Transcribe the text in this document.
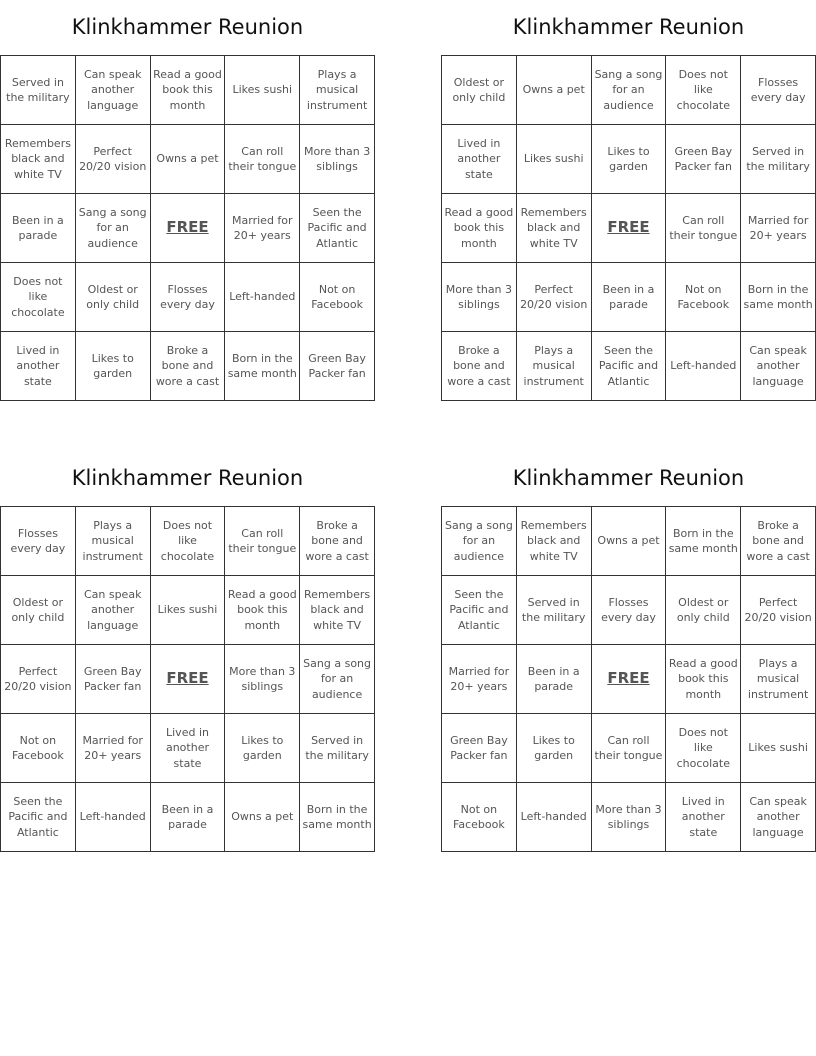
Klinkhammer Reunion
Served in the military	Can speak another language	Read a good book this month	Likes sushi	Plays a musical instrument
Remembers black and white TV	Perfect 20/20 vision	Owns a pet	Can roll their tongue	More than 3 siblings
Been in a parade	Sang a song for an audience	FREE	Married for 20+ years	Seen the Pacific and Atlantic
Does not like chocolate	Oldest or only child	Flosses every day	Left-handed	Not on Facebook
Lived in another state	Likes to garden	Broke a bone and wore a cast	Born in the same month	Green Bay Packer fan
Klinkhammer Reunion
Oldest or only child	Owns a pet	Sang a song for an audience	Does not like chocolate	Flosses every day
Lived in another state	Likes sushi	Likes to garden	Green Bay Packer fan	Served in the military
Read a good book this month	Remembers black and white TV	FREE	Can roll their tongue	Married for 20+ years
More than 3 siblings	Perfect 20/20 vision	Been in a parade	Not on Facebook	Born in the same month
Broke a bone and wore a cast	Plays a musical instrument	Seen the Pacific and Atlantic	Left-handed	Can speak another language
Klinkhammer Reunion
Flosses every day	Plays a musical instrument	Does not like chocolate	Can roll their tongue	Broke a bone and wore a cast
Oldest or only child	Can speak another language	Likes sushi	Read a good book this month	Remembers black and white TV
Perfect 20/20 vision	Green Bay Packer fan	FREE	More than 3 siblings	Sang a song for an audience
Not on Facebook	Married for 20+ years	Lived in another state	Likes to garden	Served in the military
Seen the Pacific and Atlantic	Left-handed	Been in a parade	Owns a pet	Born in the same month
Klinkhammer Reunion
Sang a song for an audience	Remembers black and white TV	Owns a pet	Born in the same month	Broke a bone and wore a cast
Seen the Pacific and Atlantic	Served in the military	Flosses every day	Oldest or only child	Perfect 20/20 vision
Married for 20+ years	Been in a parade	FREE	Read a good book this month	Plays a musical instrument
Green Bay Packer fan	Likes to garden	Can roll their tongue	Does not like chocolate	Likes sushi
Not on Facebook	Left-handed	More than 3 siblings	Lived in another state	Can speak another language
